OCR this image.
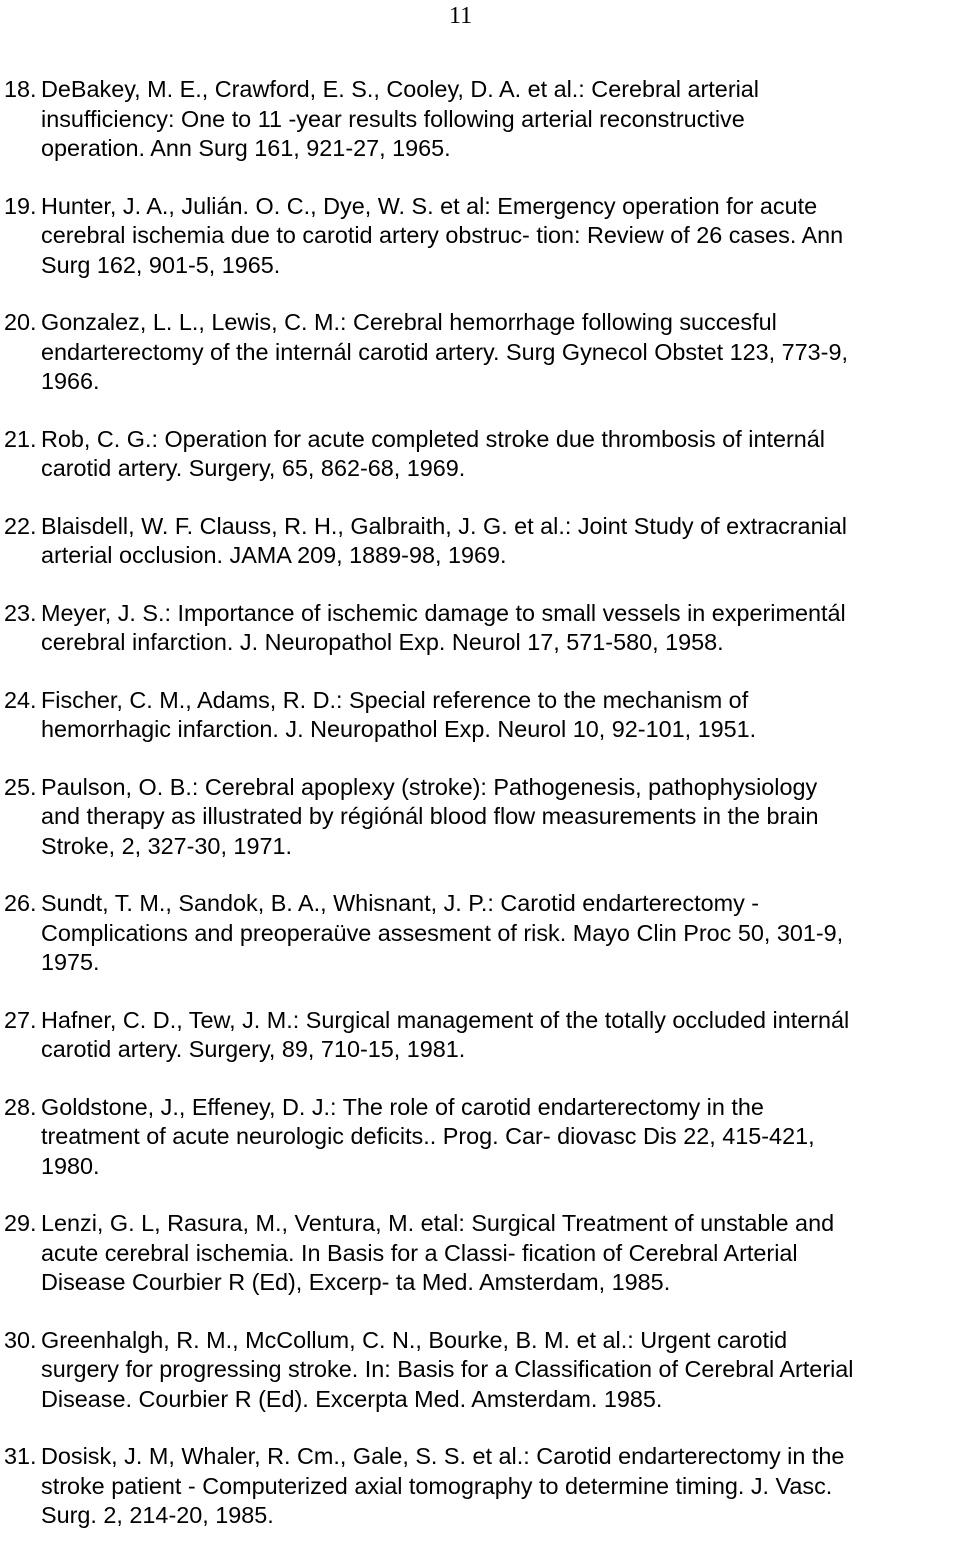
11
18. DeBakey, M. E., Crawford, E. S., Cooley, D. A. et al.: Cerebral arterial
insufficiency: One to 11 -year results following arterial reconstructive
operation. Ann Surg 161, 921-27, 1965.
19. Hunter, J. A., Julián. O. C., Dye, W. S. et al: Emergency operation for acute
cerebral ischemia due to carotid artery obstruc- tion: Review of 26 cases. Ann
Surg 162, 901-5, 1965.
20. Gonzalez, L. L., Lewis, C. M.: Cerebral hemorrhage following succesful
endarterectomy of the internál carotid artery. Surg Gynecol Obstet 123, 773-9,
1966.
21. Rob, C. G.: Operation for acute completed stroke due thrombosis of internál
carotid artery. Surgery, 65, 862-68, 1969.
22. Blaisdell, W. F. Clauss, R. H., Galbraith, J. G. et al.: Joint Study of extracranial
arterial occlusion. JAMA 209, 1889-98, 1969.
23. Meyer, J. S.: Importance of ischemic damage to small vessels in experimentál
cerebral infarction. J. Neuropathol Exp. Neurol 17, 571-580, 1958.
24. Fischer, C. M., Adams, R. D.: Special reference to the mechanism of
hemorrhagic infarction. J. Neuropathol Exp. Neurol 10, 92-101, 1951.
25. Paulson, O. B.: Cerebral apoplexy (stroke): Pathogenesis, pathophysiology
and therapy as illustrated by régiónál blood flow measurements in the brain
Stroke, 2, 327-30, 1971.
26. Sundt, T. M., Sandok, B. A., Whisnant, J. P.: Carotid endarterectomy -
Complications and preoperaüve assesment of risk. Mayo Clin Proc 50, 301-9,
1975.
27. Hafner, C. D., Tew, J. M.: Surgical management of the totally occluded internál
carotid artery. Surgery, 89, 710-15, 1981.
28. Goldstone, J., Effeney, D. J.: The role of carotid endarterectomy in the
treatment of acute neurologic deficits.. Prog. Car- diovasc Dis 22, 415-421,
1980.
29. Lenzi, G. L, Rasura, M., Ventura, M. etal: Surgical Treatment of unstable and
acute cerebral ischemia. In Basis for a Classi- fication of Cerebral Arterial
Disease Courbier R (Ed), Excerp- ta Med. Amsterdam, 1985.
30. Greenhalgh, R. M., McCollum, C. N., Bourke, B. M. et al.: Urgent carotid
surgery for progressing stroke. In: Basis for a Classification of Cerebral Arterial
Disease. Courbier R (Ed). Excerpta Med. Amsterdam. 1985.
31. Dosisk, J. M, Whaler, R. Cm., Gale, S. S. et al.: Carotid endarterectomy in the
stroke patient - Computerized axial tomography to determine timing. J. Vasc.
Surg. 2, 214-20, 1985.
